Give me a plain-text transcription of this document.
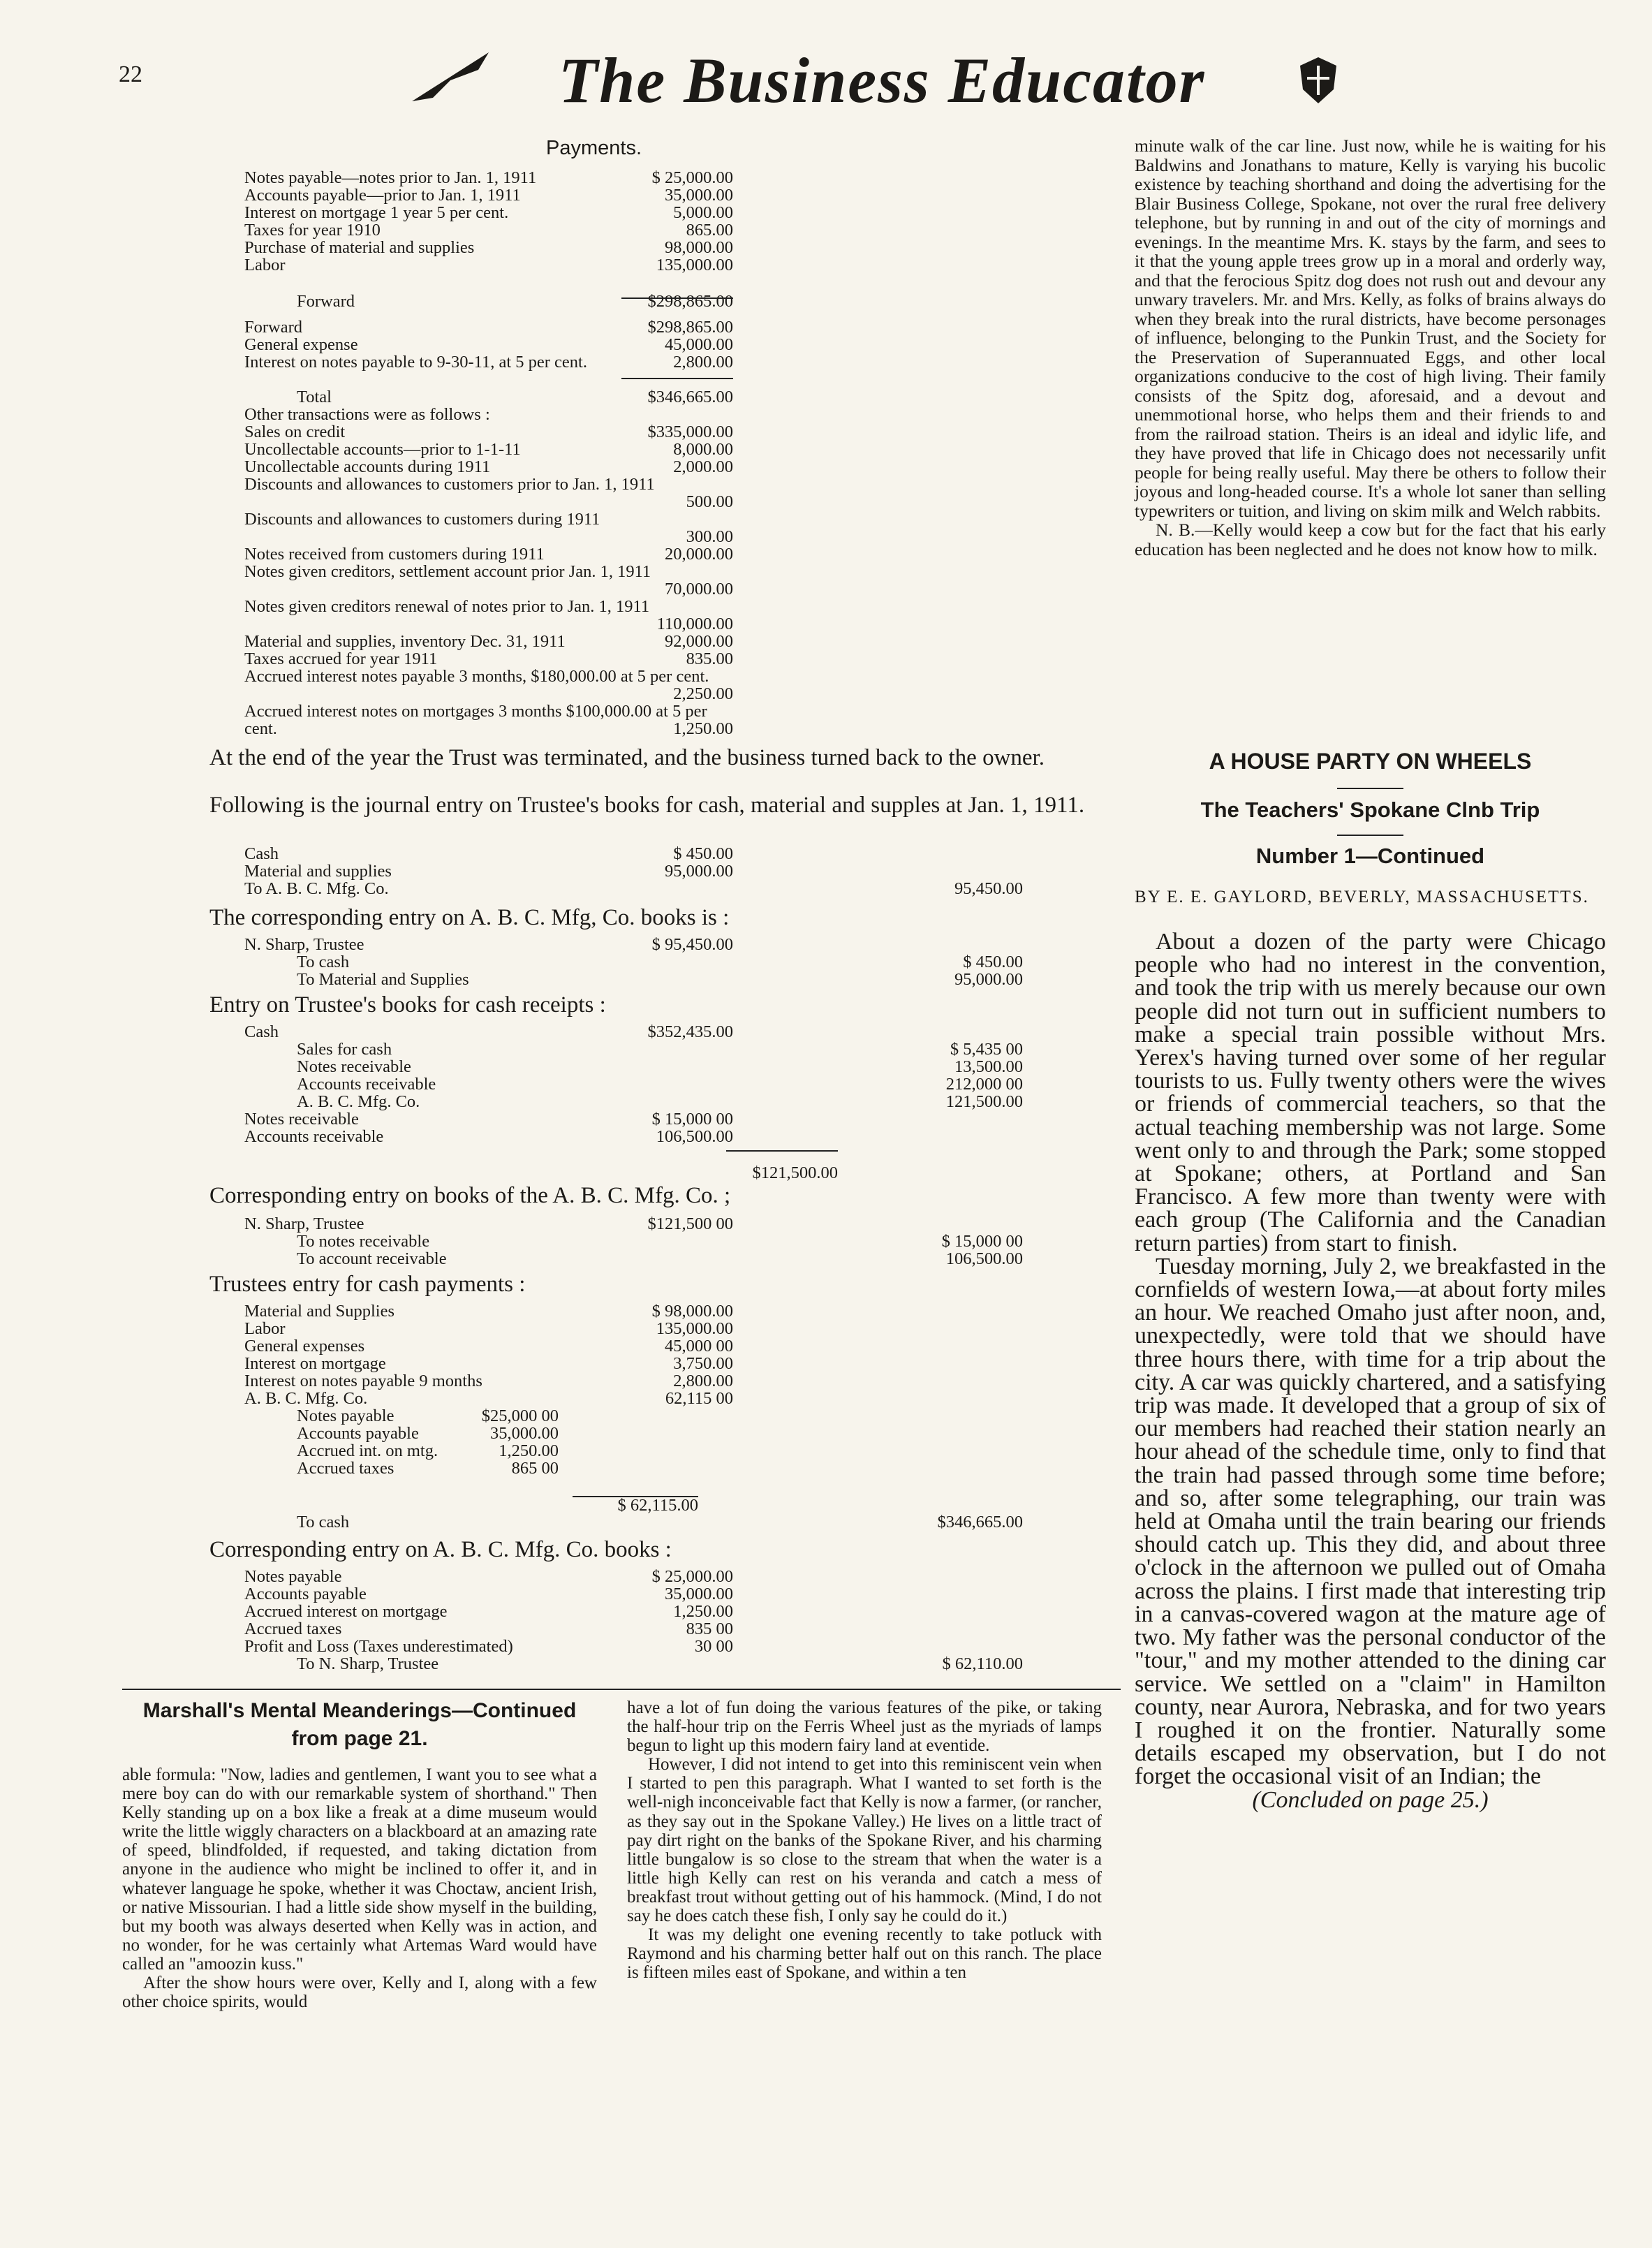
22	The Business Educator
Payments.
Notes payable—notes prior to Jan. 1, 1911	$ 25,000.00
Accounts payable—prior to Jan. 1, 1911	35,000.00
Interest on mortgage 1 year 5 per cent.	5,000.00
Taxes for year 1910	865.00
Purchase of material and supplies	98,000.00
Labor	135,000.00
Forward	$298,865.00
Forward	$298,865.00
General expense	45,000.00
Interest on notes payable to 9-30-11, at 5 per cent.	2,800.00
Total	$346,665.00
Other transactions were as follows :
Sales on credit	$335,000.00
Uncollectable accounts—prior to 1-1-11	8,000.00
Uncollectable accounts during 1911	2,000.00
Discounts and allowances to customers prior to Jan. 1, 1911
500.00
Discounts and allowances to customers during 1911
300.00
Notes received from customers during 1911	20,000.00
Notes given creditors, settlement account prior Jan. 1, 1911
70,000.00
Notes given creditors renewal of notes prior to Jan. 1, 1911
110,000.00
Material and supplies, inventory Dec. 31, 1911	92,000.00
Taxes accrued for year 1911	835.00
Accrued interest notes payable 3 months, $180,000.00 at 5 per cent.
2,250.00
Accrued interest notes on mortgages 3 months $100,000.00 at 5 per cent.	1,250.00
At the end of the year the Trust was terminated, and the business turned back to the owner.
Following is the journal entry on Trustee's books for cash, material and supples at Jan. 1, 1911.
Cash	$ 450.00
Material and supplies	95,000.00
To A. B. C. Mfg. Co.	95,450.00
The corresponding entry on A. B. C. Mfg, Co. books is :
N. Sharp, Trustee	$ 95,450.00
To cash	$ 450.00
To Material and Supplies	95,000.00
Entry on Trustee's books for cash receipts :
Cash	$352,435.00
Sales for cash	$ 5,435 00
Notes receivable	13,500.00
Accounts receivable	212,000 00
A. B. C. Mfg. Co.	121,500.00
Notes receivable	$ 15,000 00
Accounts receivable	106,500.00
$121,500.00
Corresponding entry on books of the A. B. C. Mfg. Co. ;
N. Sharp, Trustee	$121,500 00
To notes receivable	$ 15,000 00
To account receivable	106,500.00
Trustees entry for cash payments :
Material and Supplies	$ 98,000.00
Labor	135,000.00
General expenses	45,000 00
Interest on mortgage	3,750.00
Interest on notes payable 9 months	2,800.00
A. B. C. Mfg. Co.	62,115 00
Notes payable	$25,000 00
Accounts payable	35,000.00
Accrued int. on mtg.	1,250.00
Accrued taxes	865 00
$ 62,115.00
To cash	$346,665.00
Corresponding entry on A. B. C. Mfg. Co. books :
Notes payable	$ 25,000.00
Accounts payable	35,000.00
Accrued interest on mortgage	1,250.00
Accrued taxes	835 00
Profit and Loss (Taxes underestimated)	30 00
To N. Sharp, Trustee	$ 62,110.00

minute walk of the car line. Just now, while he is waiting for his Baldwins and Jonathans to mature, Kelly is varying his bucolic existence by teaching shorthand and doing the advertising for the Blair Business College, Spokane, not over the rural free delivery telephone, but by running in and out of the city of mornings and evenings. In the meantime Mrs. K. stays by the farm, and sees to it that the young apple trees grow up in a moral and orderly way, and that the ferocious Spitz dog does not rush out and devour any unwary travelers. Mr. and Mrs. Kelly, as folks of brains always do when they break into the rural districts, have become personages of influence, belonging to the Punkin Trust, and the Society for the Preservation of Superannuated Eggs, and other local organizations conducive to the cost of high living. Their family consists of the Spitz dog, aforesaid, and a devout and unemmotional horse, who helps them and their friends to and from the railroad station. Theirs is an ideal and idylic life, and they have proved that life in Chicago does not necessarily unfit people for being really useful. May there be others to follow their joyous and long-headed course. It's a whole lot saner than selling typewriters or tuition, and living on skim milk and Welch rabbits.

N. B.—Kelly would keep a cow but for the fact that his early education has been neglected and he does not know how to milk.

A HOUSE PARTY ON WHEELS
The Teachers' Spokane Clnb Trip
Number 1—Continued
BY E. E. GAYLORD, BEVERLY, MASSACHUSETTS.

About a dozen of the party were Chicago people who had no interest in the convention, and took the trip with us merely because our own people did not turn out in sufficient numbers to make a special train possible without Mrs. Yerex's having turned over some of her regular tourists to us. Fully twenty others were the wives or friends of commercial teachers, so that the actual teaching membership was not large. Some went only to and through the Park; some stopped at Spokane; others, at Portland and San Francisco. A few more than twenty were with each group (The California and the Canadian return parties) from start to finish.

Tuesday morning, July 2, we breakfasted in the cornfields of western Iowa,—at about forty miles an hour. We reached Omaho just after noon, and, unexpectedly, were told that we should have three hours there, with time for a trip about the city. A car was quickly chartered, and a satisfying trip was made. It developed that a group of six of our members had reached their station nearly an hour ahead of the schedule time, only to find that the train had passed through some time before; and so, after some telegraphing, our train was held at Omaha until the train bearing our friends should catch up. This they did, and about three o'clock in the afternoon we pulled out of Omaha across the plains. I first made that interesting trip in a canvas-covered wagon at the mature age of two. My father was the personal conductor of the "tour," and my mother attended to the dining car service. We settled on a "claim" in Hamilton county, near Aurora, Nebraska, and for two years I roughed it on the frontier. Naturally some details escaped my observation, but I do not forget the occasional visit of an Indian; the

(Concluded on page 25.)

Marshall's Mental Meanderings—Continued from page 21.

able formula: "Now, ladies and gentlemen, I want you to see what a mere boy can do with our remarkable system of shorthand." Then Kelly standing up on a box like a freak at a dime museum would write the little wiggly characters on a blackboard at an amazing rate of speed, blindfolded, if requested, and taking dictation from anyone in the audience who might be inclined to offer it, and in whatever language he spoke, whether it was Choctaw, ancient Irish, or native Missourian. I had a little side show myself in the building, but my booth was always deserted when Kelly was in action, and no wonder, for he was certainly what Artemas Ward would have called an "amoozin kuss."

After the show hours were over, Kelly and I, along with a few other choice spirits, would

have a lot of fun doing the various features of the pike, or taking the half-hour trip on the Ferris Wheel just as the myriads of lamps begun to light up this modern fairy land at eventide.

However, I did not intend to get into this reminiscent vein when I started to pen this paragraph. What I wanted to set forth is the well-nigh inconceivable fact that Kelly is now a farmer, (or rancher, as they say out in the Spokane Valley.) He lives on a little tract of pay dirt right on the banks of the Spokane River, and his charming little bungalow is so close to the stream that when the water is a little high Kelly can rest on his veranda and catch a mess of breakfast trout without getting out of his hammock. (Mind, I do not say he does catch these fish, I only say he could do it.)

It was my delight one evening recently to take potluck with Raymond and his charming better half out on this ranch. The place is fifteen miles east of Spokane, and within a ten
